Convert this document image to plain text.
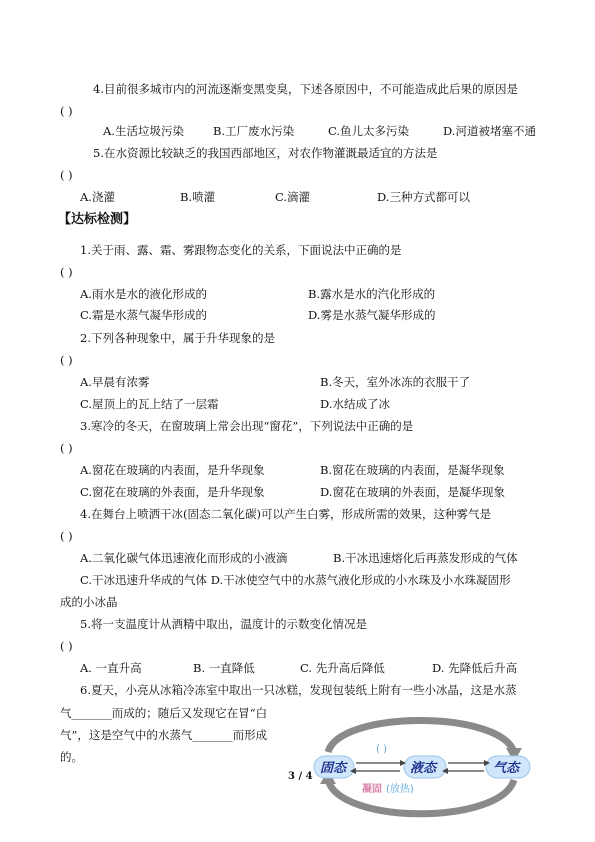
4.目前很多城市内的河流逐渐变黑变臭，下述各原因中，不可能造成此后果的原因是
( )
A.生活垃圾污染	B.工厂废水污染	C.鱼儿太多污染	D.河道被堵塞不通
5.在水资源比较缺乏的我国西部地区，对农作物灌溉最适宜的方法是
( )
A.浇灌	B.喷灌	C.滴灌	D.三种方式都可以
【达标检测】
1.关于雨、露、霜、雾跟物态变化的关系，下面说法中正确的是
( )
A.雨水是水的液化形成的	B.露水是水的汽化形成的
C.霜是水蒸气凝华形成的	D.雾是水蒸气凝华形成的
2.下列各种现象中，属于升华现象的是
( )
A.早晨有浓雾	B.冬天，室外冰冻的衣服干了
C.屋顶上的瓦上结了一层霜	D.水结成了冰
3.寒冷的冬天，在窗玻璃上常会出现“窗花”，下列说法中正确的是
( )
A.窗花在玻璃的内表面，是升华现象	B.窗花在玻璃的内表面，是凝华现象
C.窗花在玻璃的外表面，是升华现象	D.窗花在玻璃的外表面，是凝华现象
4.在舞台上喷洒干冰(固态二氧化碳)可以产生白雾，形成所需的效果，这种雾气是
( )
A.二氧化碳气体迅速液化而形成的小液滴	B.干冰迅速熔化后再蒸发形成的气体
C.干冰迅速升华成的气体 D.干冰使空气中的水蒸气液化形成的小水珠及小水珠凝固形
成的小冰晶
5.将一支温度计从酒精中取出，温度计的示数变化情况是
( )
A. 一直升高	B. 一直降低	C. 先升高后降低	D. 先降低后升高
6.夏天，小亮从冰箱冷冻室中取出一只冰糕，发现包装纸上附有一些小冰晶，这是水蒸
气_______而成的；随后又发现它在冒“白
气”，这是空气中的水蒸气_______而形成
的。
3 / 4
固态	液态	气态
( )
凝固 (放热)
